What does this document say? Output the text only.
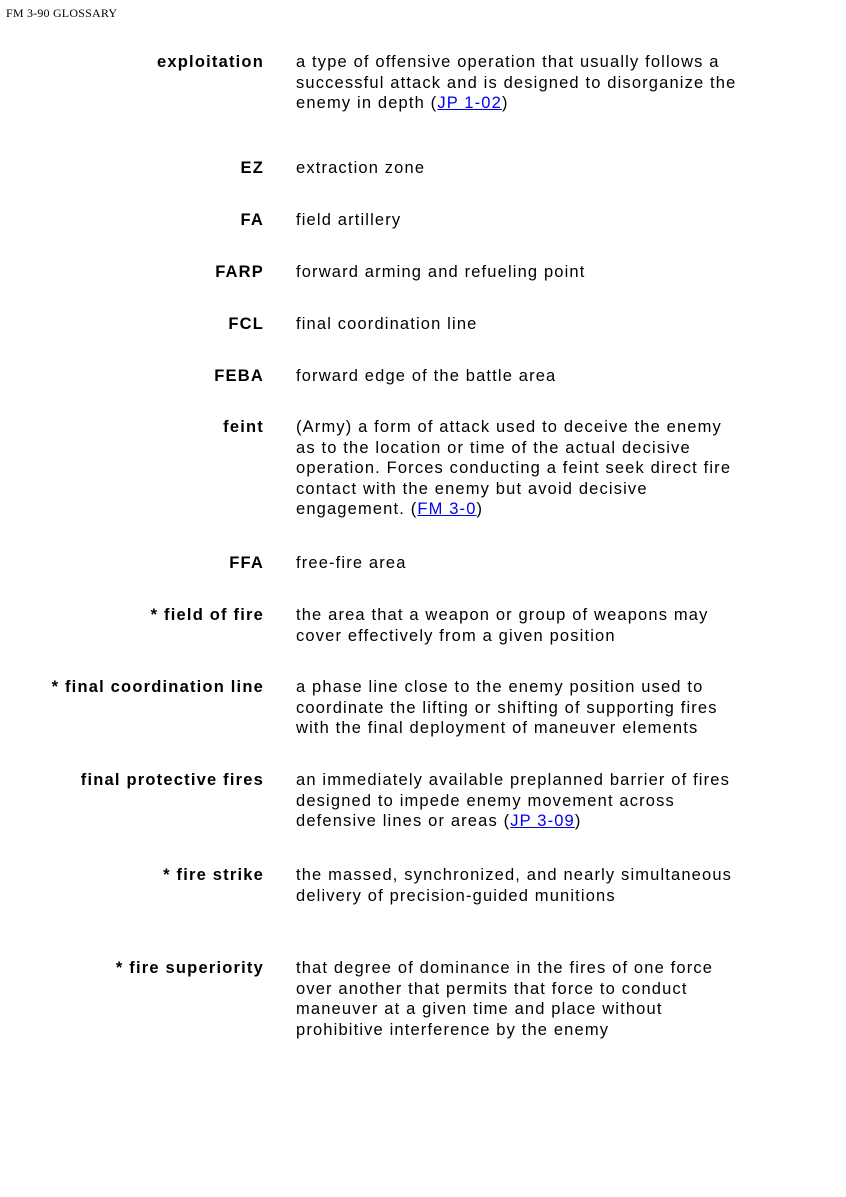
FM 3-90 GLOSSARY
exploitation a type of offensive operation that usually follows a successful attack and is designed to disorganize the enemy in depth (JP 1-02)
EZ extraction zone
FA field artillery
FARP forward arming and refueling point
FCL final coordination line
FEBA forward edge of the battle area
feint (Army) a form of attack used to deceive the enemy as to the location or time of the actual decisive operation. Forces conducting a feint seek direct fire contact with the enemy but avoid decisive engagement. (FM 3-0)
FFA free-fire area
* field of fire the area that a weapon or group of weapons may cover effectively from a given position
* final coordination line a phase line close to the enemy position used to coordinate the lifting or shifting of supporting fires with the final deployment of maneuver elements
final protective fires an immediately available preplanned barrier of fires designed to impede enemy movement across defensive lines or areas (JP 3-09)
* fire strike the massed, synchronized, and nearly simultaneous delivery of precision-guided munitions
* fire superiority that degree of dominance in the fires of one force over another that permits that force to conduct maneuver at a given time and place without prohibitive interference by the enemy
